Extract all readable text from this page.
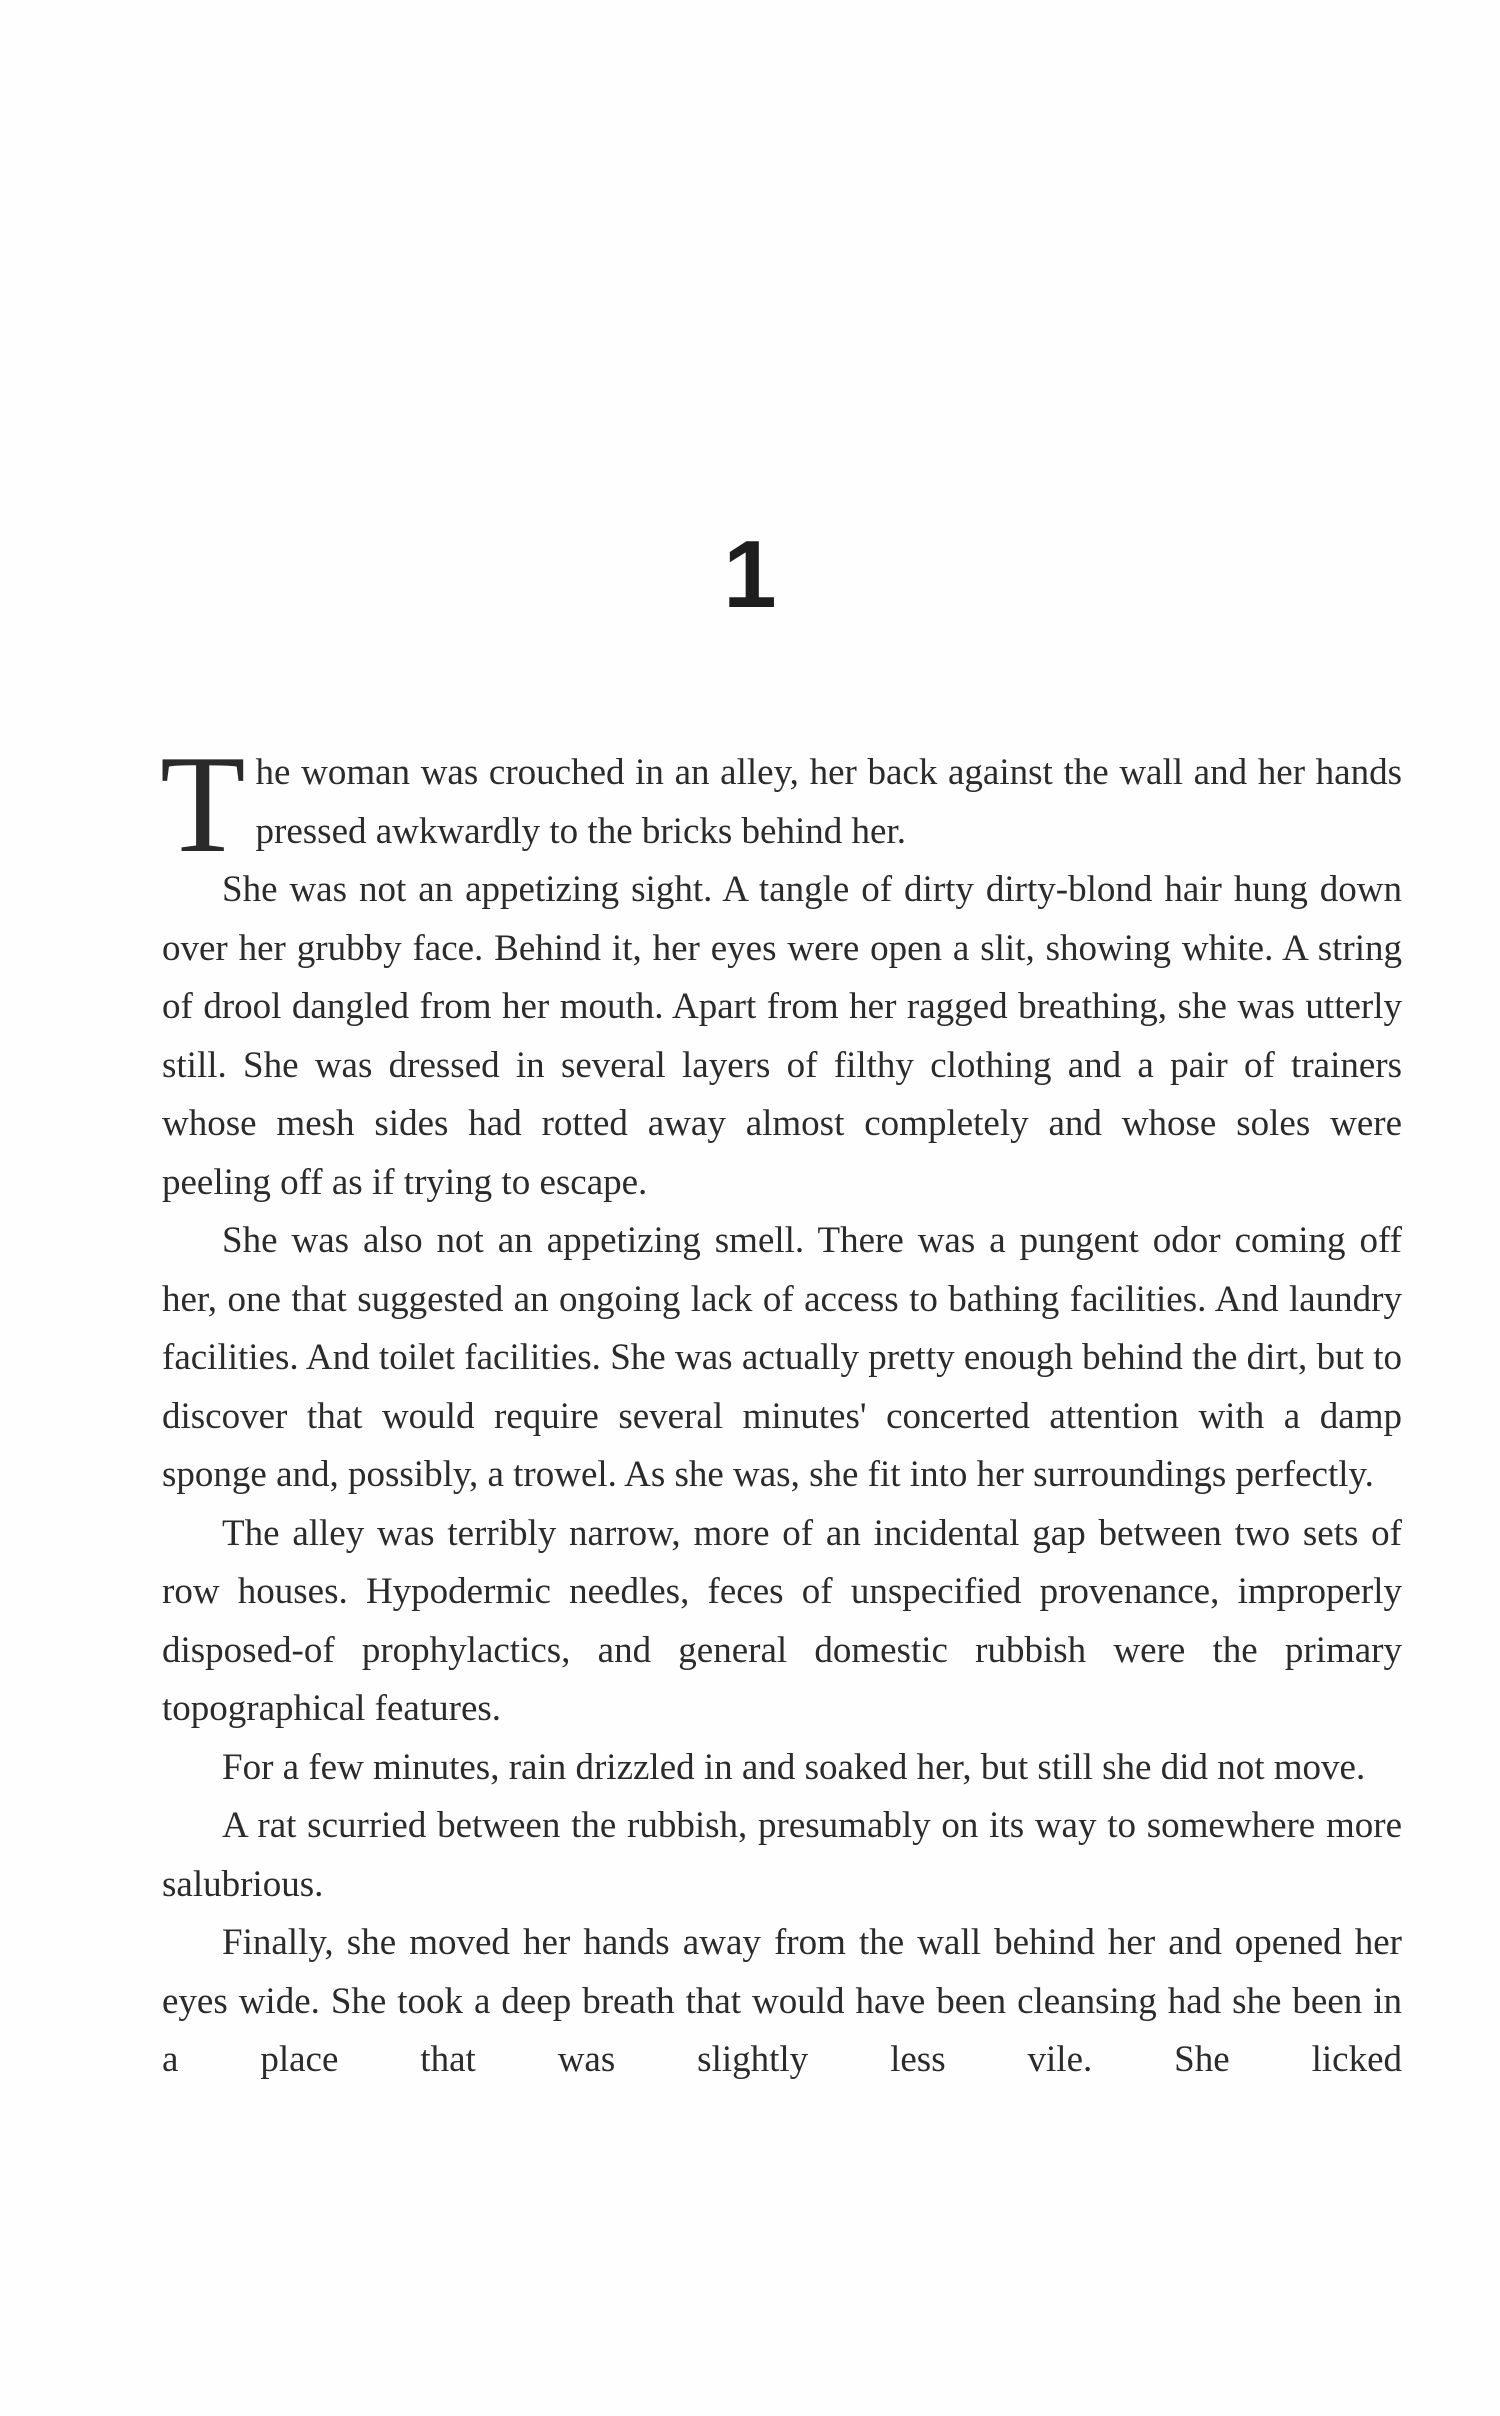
1

The woman was crouched in an alley, her back against the wall and her hands pressed awkwardly to the bricks behind her.

She was not an appetizing sight. A tangle of dirty dirty-blond hair hung down over her grubby face. Behind it, her eyes were open a slit, showing white. A string of drool dangled from her mouth. Apart from her ragged breathing, she was utterly still. She was dressed in several layers of filthy clothing and a pair of trainers whose mesh sides had rotted away almost completely and whose soles were peeling off as if trying to escape.

She was also not an appetizing smell. There was a pungent odor coming off her, one that suggested an ongoing lack of access to bathing facilities. And laundry facilities. And toilet facilities. She was actually pretty enough behind the dirt, but to discover that would require several minutes' concerted attention with a damp sponge and, possibly, a trowel. As she was, she fit into her surroundings perfectly.

The alley was terribly narrow, more of an incidental gap between two sets of row houses. Hypodermic needles, feces of unspecified provenance, improperly disposed-of prophylactics, and general domestic rubbish were the primary topographical features.

For a few minutes, rain drizzled in and soaked her, but still she did not move.

A rat scurried between the rubbish, presumably on its way to somewhere more salubrious.

Finally, she moved her hands away from the wall behind her and opened her eyes wide. She took a deep breath that would have been cleansing had she been in a place that was slightly less vile. She licked
